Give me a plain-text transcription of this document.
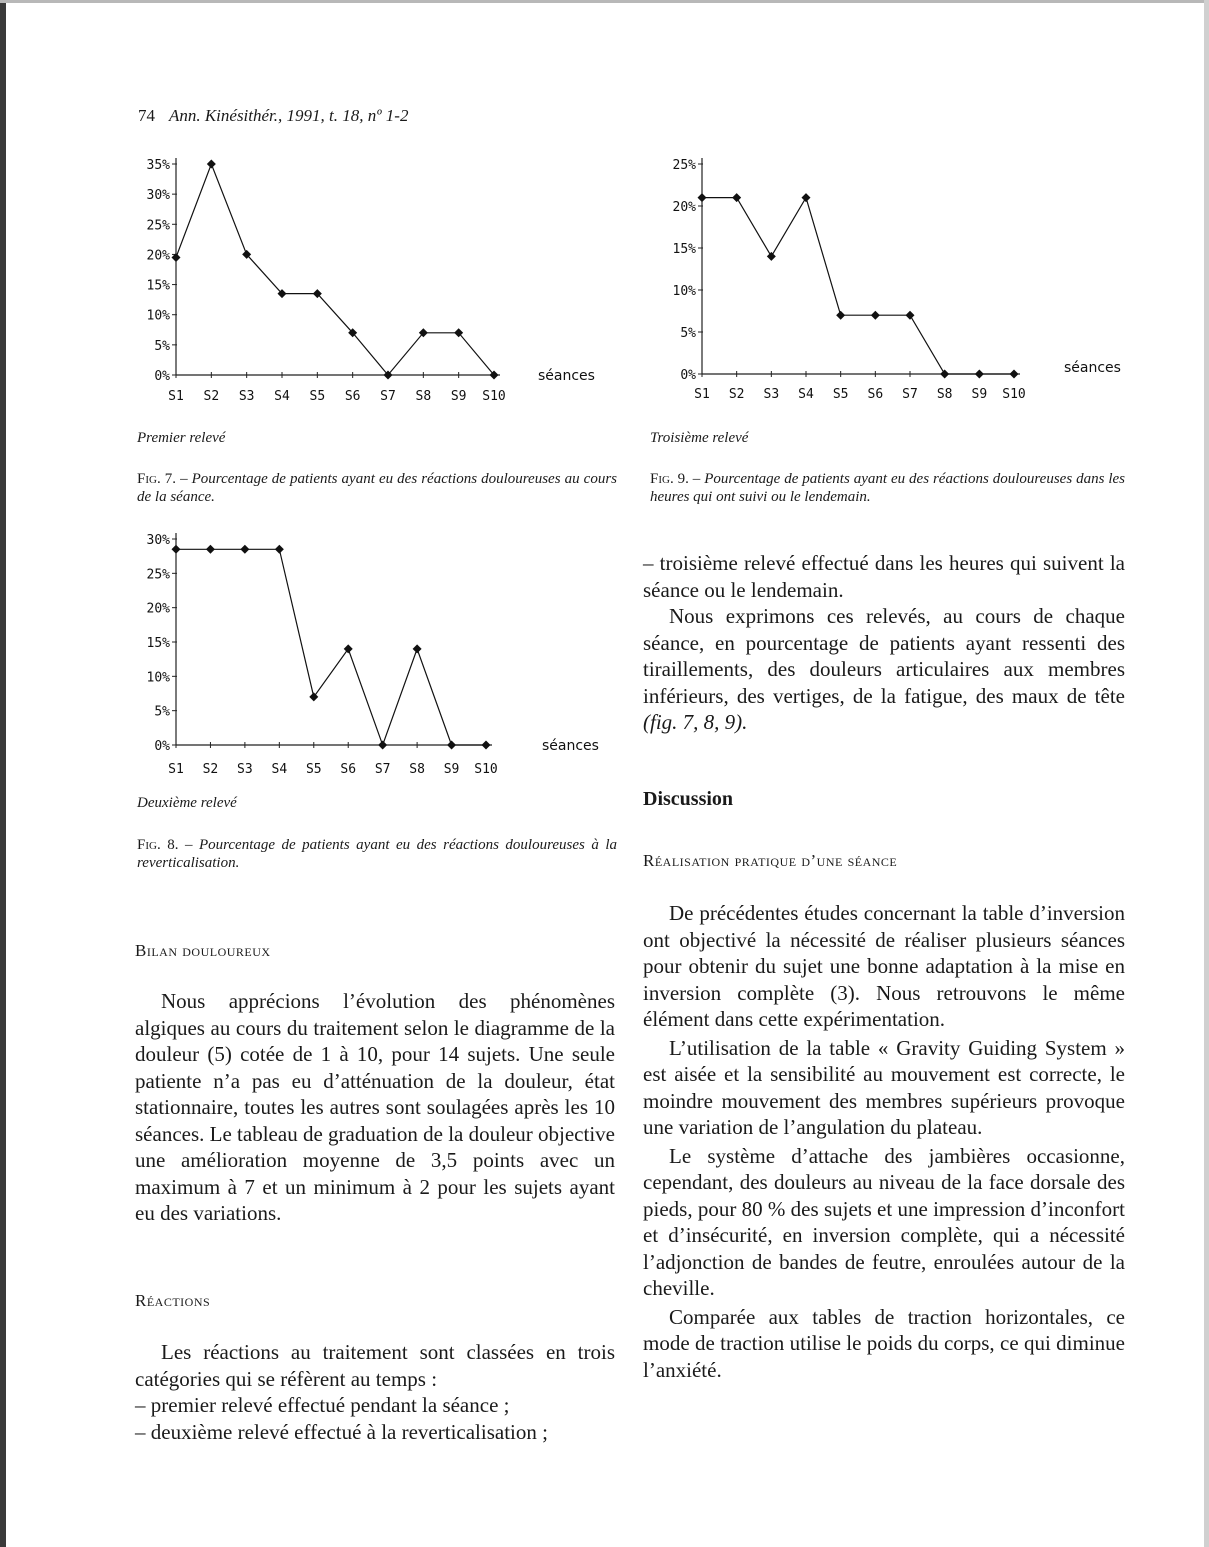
74 Ann. Kinésithér., 1991, t. 18, nº 1-2
35%
30%
25%
20%
15%
10%
5%
0%
S1 S2 S3 S4 S5 S6 S7 S8 S9 S10
séances
Premier relevé
Fig. 7. – Pourcentage de patients ayant eu des réactions douloureuses au cours de la séance.
30%
25%
20%
15%
10%
5%
0%
S1 S2 S3 S4 S5 S6 S7 S8 S9 S10
séances
Deuxième relevé
Fig. 8. – Pourcentage de patients ayant eu des réactions douloureuses à la reverticalisation.
25%
20%
15%
10%
5%
0%
S1 S2 S3 S4 S5 S6 S7 S8 S9 S10
séances
Troisième relevé
Fig. 9. – Pourcentage de patients ayant eu des réactions douloureuses dans les heures qui ont suivi ou le lendemain.
Bilan douloureux

Nous apprécions l’évolution des phénomènes algiques au cours du traitement selon le diagramme de la douleur (5) cotée de 1 à 10, pour 14 sujets. Une seule patiente n’a pas eu d’atténuation de la douleur, état stationnaire, toutes les autres sont soulagées après les 10 séances. Le tableau de graduation de la douleur objective une amélioration moyenne de 3,5 points avec un maximum à 7 et un minimum à 2 pour les sujets ayant eu des variations.

Réactions

Les réactions au traitement sont classées en trois catégories qui se réfèrent au temps :

– premier relevé effectué pendant la séance ;

– deuxième relevé effectué à la reverticalisation ;

– troisième relevé effectué dans les heures qui suivent la séance ou le lendemain.

Nous exprimons ces relevés, au cours de chaque séance, en pourcentage de patients ayant ressenti des tiraillements, des douleurs articulaires aux membres inférieurs, des vertiges, de la fatigue, des maux de tête (fig. 7, 8, 9).

Discussion
Réalisation pratique d’une séance

De précédentes études concernant la table d’inversion ont objectivé la nécessité de réaliser plusieurs séances pour obtenir du sujet une bonne adaptation à la mise en inversion complète (3). Nous retrouvons le même élément dans cette expérimentation.

L’utilisation de la table « Gravity Guiding System » est aisée et la sensibilité au mouvement est correcte, le moindre mouvement des membres supérieurs provoque une variation de l’angulation du plateau.

Le système d’attache des jambières occasionne, cependant, des douleurs au niveau de la face dorsale des pieds, pour 80 % des sujets et une impression d’inconfort et d’insécurité, en inversion complète, qui a nécessité l’adjonction de bandes de feutre, enroulées autour de la cheville.

Comparée aux tables de traction horizontales, ce mode de traction utilise le poids du corps, ce qui diminue l’anxiété.
